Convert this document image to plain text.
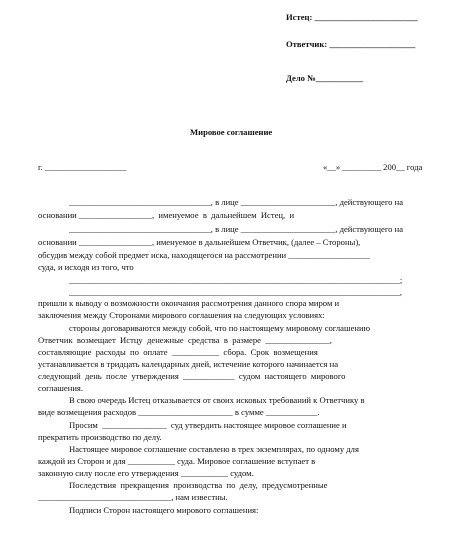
Истец: ________________________
Ответчик: ____________________
Дело №___________
Мировое соглашение
г. ___________________	«__» _________ 200__ года
_________________________________, в лице ______________________, действующего на
основании _________________,  именуемое  в  дальнейшем  Истец,  и
_________________________________, в лице ______________________, действующего на
основании _________________, именуемое в дальнейшем Ответчик, (далее – Стороны),
обсудив между собой предмет иска, находящегося на рассмотрении ___________________
суда, и исходя из того, что
_____________________________________________________________________________;
_____________________________________________________________________________,
пришли к выводу о возможности окончания рассмотрения данного спора миром и
заключения между Сторонами мирового соглашения на следующих условиях:
стороны договариваются между собой, что по настоящему мировому соглашению
Ответчик  возмещает  Истцу  денежные  средства  в  размере  _______________,
составляющие  расходы  по  оплате  ___________  сбора.  Срок  возмещения
устанавливается в тридцать календарных дней, истечение которого начинается на
следующий  день  после  утверждения  ____________  судом  настоящего  мирового
соглашения.
В свою очередь Истец отказывается от своих исковых требований к Ответчику в
виде возмещения расходов ______________________ в сумме ____________.
Просим  _______________  суд утвердить настоящее мировое соглашение и
прекратить производство по делу.
Настоящее мировое соглашение составлено в трех экземплярах, по одному для
каждой из Сторон и для ___________ суда. Мировое соглашение вступает в
законную силу после его утверждения ___________ судом.
Последствия  прекращения  производства  по  делу,  предусмотренные
_______________________________, нам известны.
Подписи Сторон настоящего мирового соглашения:
